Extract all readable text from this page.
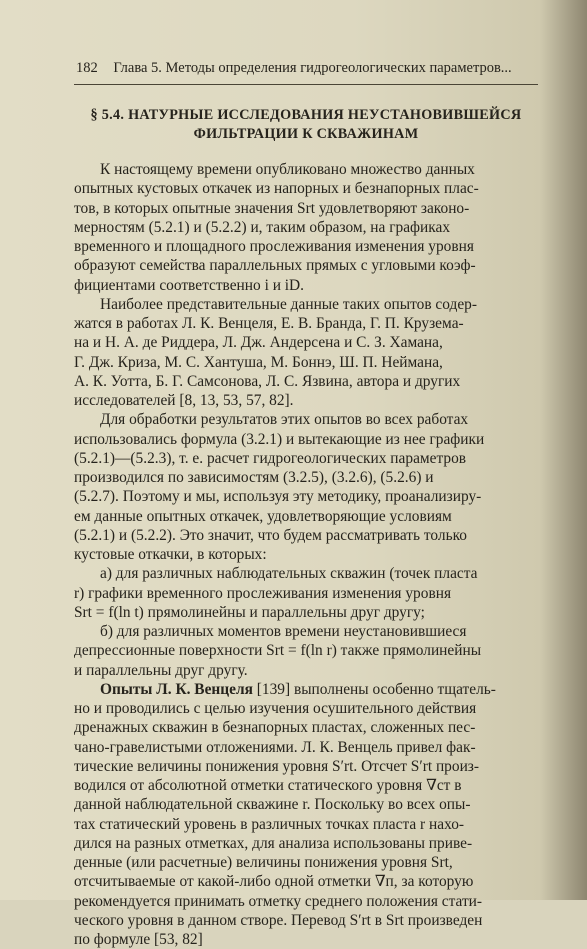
182 Глава 5. Методы определения гидрогеологических параметров...
§ 5.4. НАТУРНЫЕ ИССЛЕДОВАНИЯ НЕУСТАНОВИВШЕЙСЯ
ФИЛЬТРАЦИИ К СКВАЖИНАМ
К настоящему времени опубликовано множество данных
опытных кустовых откачек из напорных и безнапорных плас-
тов, в которых опытные значения Srt удовлетворяют законо-
мерностям (5.2.1) и (5.2.2) и, таким образом, на графиках
временного и площадного прослеживания изменения уровня
образуют семейства параллельных прямых с угловыми коэф-
фициентами соответственно i и iD.
Наиболее представительные данные таких опытов содер-
жатся в работах Л. К. Венцеля, Е. В. Бранда, Г. П. Круземa-
на и Н. А. де Риддера, Л. Дж. Андерсена и С. З. Хамана,
Г. Дж. Криза, М. С. Хантуша, М. Боннэ, Ш. П. Неймана,
А. К. Уотта, Б. Г. Самсонова, Л. С. Язвина, автора и других
исследователей [8, 13, 53, 57, 82].
Для обработки результатов этих опытов во всех работах
использовались формула (3.2.1) и вытекающие из нее графики
(5.2.1)—(5.2.3), т. е. расчет гидрогеологических параметров
производился по зависимостям (3.2.5), (3.2.6), (5.2.6) и
(5.2.7). Поэтому и мы, используя эту методику, проанализиру-
ем данные опытных откачек, удовлетворяющие условиям
(5.2.1) и (5.2.2). Это значит, что будем рассматривать только
кустовые откачки, в которых:
а) для различных наблюдательных скважин (точек пласта
r) графики временного прослеживания изменения уровня
Srt = f(ln t) прямолинейны и параллельны друг другу;
б) для различных моментов времени неустановившиеся
депрессионные поверхности Srt = f(ln r) также прямолинейны
и параллельны друг другу.
Опыты Л. К. Венцеля [139] выполнены особенно тщатель-
но и проводились с целью изучения осушительного действия
дренажных скважин в безнапорных пластах, сложенных пес-
чано-гравелистыми отложениями. Л. К. Венцель привел фак-
тические величины понижения уровня S′rt. Отсчет S′rt произ-
водился от абсолютной отметки статического уровня ∇ст в
данной наблюдательной скважине r. Поскольку во всех опы-
тах статический уровень в различных точках пласта r нахо-
дился на разных отметках, для анализа использованы приве-
денные (или расчетные) величины понижения уровня Srt,
отсчитываемые от какой-либо одной отметки ∇п, за которую
рекомендуется принимать отметку среднего положения стати-
ческого уровня в данном створе. Перевод S′rt в Srt произведен
по формуле [53, 82]
